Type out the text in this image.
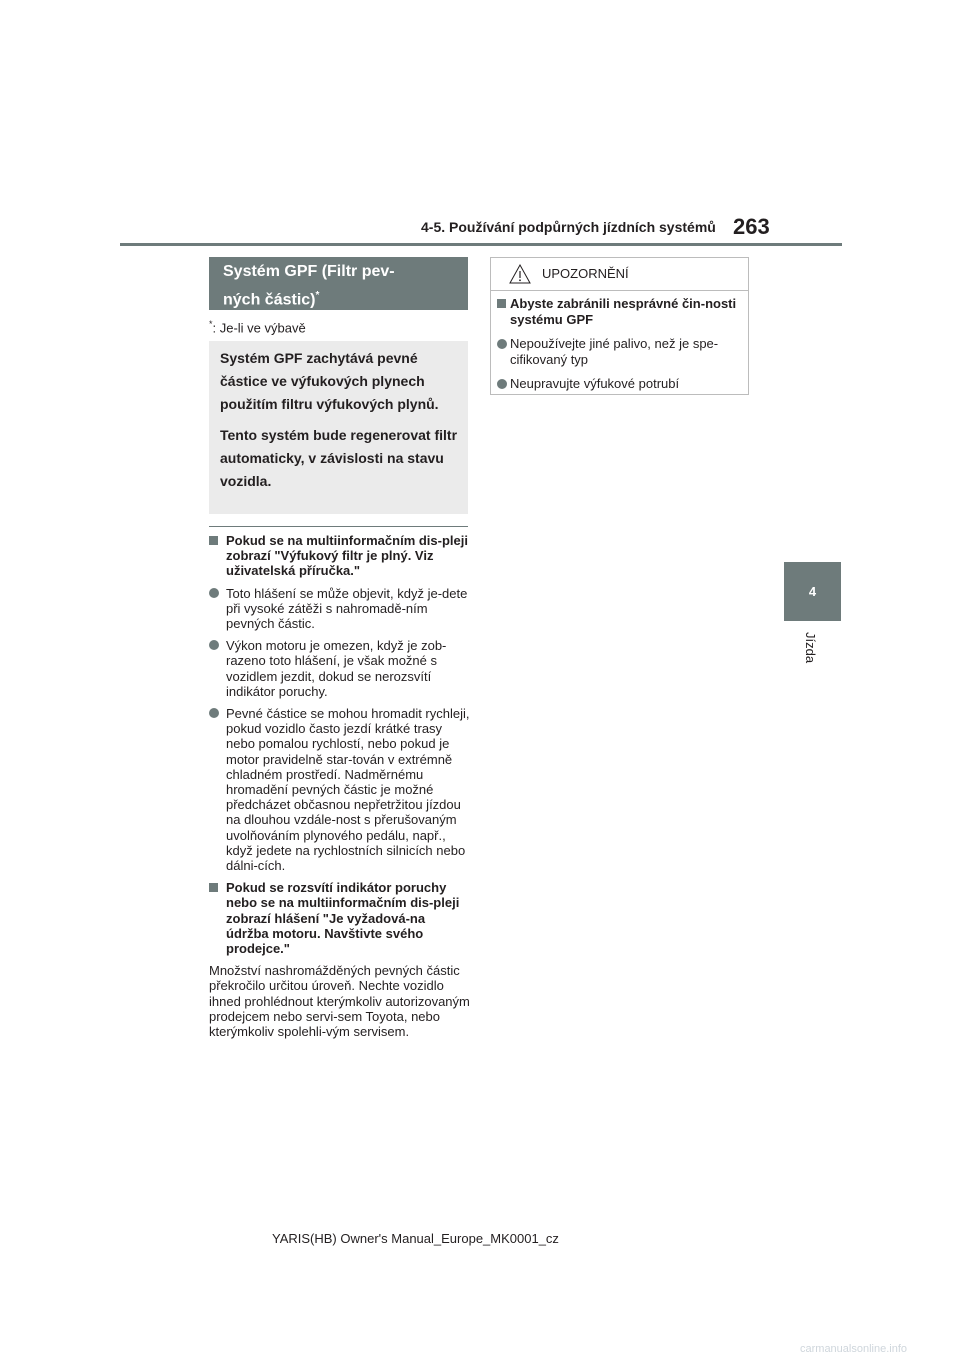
4-5. Používání podpůrných jízdních systémů 263
4
Jízda
Systém GPF (Filtr pev-
ných částic)*
*: Je-li ve výbavě

Systém GPF zachytává pevné částice ve výfukových plynech použitím filtru výfukových plynů.

Tento systém bude regenerovat filtr automaticky, v závislosti na stavu vozidla.

Pokud se na multiinformačním dis-pleji zobrazí "Výfukový filtr je plný. Viz uživatelská příručka."
Toto hlášení se může objevit, když je-dete při vysoké zátěži s nahromadě-ním pevných částic.
Výkon motoru je omezen, když je zob-razeno toto hlášení, je však možné s vozidlem jezdit, dokud se nerozsvítí indikátor poruchy.
Pevné částice se mohou hromadit rychleji, pokud vozidlo často jezdí krátké trasy nebo pomalou rychlostí, nebo pokud je motor pravidelně star-tován v extrémně chladném prostředí. Nadměrnému hromadění pevných částic je možné předcházet občasnou nepřetržitou jízdou na dlouhou vzdále-nost s přerušovaným uvolňováním plynového pedálu, např., když jedete na rychlostních silnicích nebo dálni-cích.
Pokud se rozsvítí indikátor poruchy nebo se na multiinformačním dis-pleji zobrazí hlášení "Je vyžadová-na údržba motoru. Navštivte svého prodejce."

Množství nashromážděných pevných částic překročilo určitou úroveň. Nechte vozidlo ihned prohlédnout kterýmkoliv autorizovaným prodejcem nebo servi-sem Toyota, nebo kterýmkoliv spolehli-vým servisem.

UPOZORNĚNÍ
Abyste zabránili nesprávné čin-nosti systému GPF
Nepoužívejte jiné palivo, než je spe-cifikovaný typ
Neupravujte výfukové potrubí
YARIS(HB) Owner's Manual_Europe_MK0001_cz
carmanualsonline.info
